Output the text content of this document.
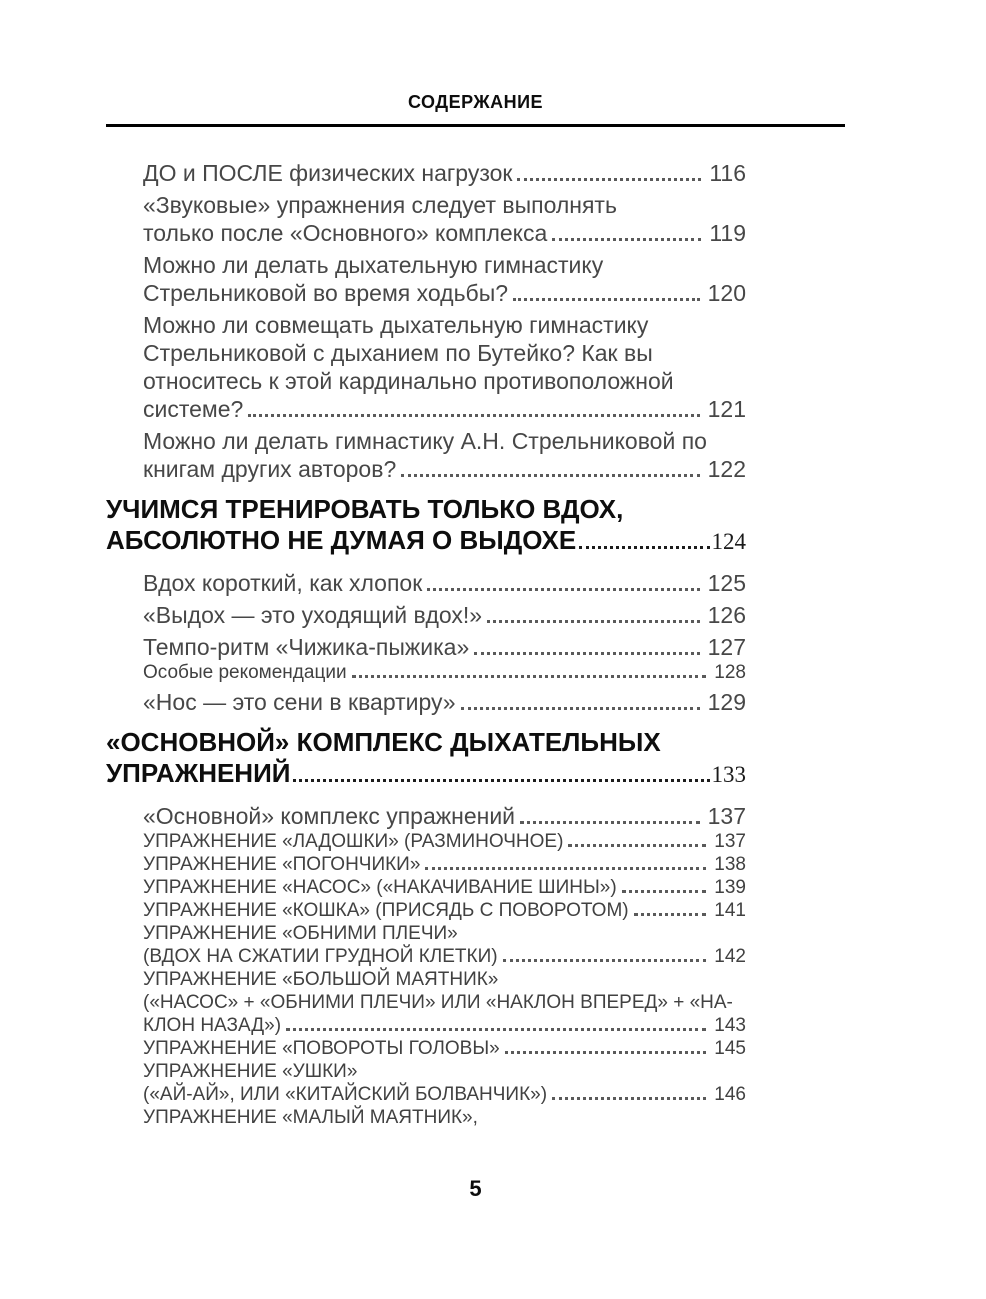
СОДЕРЖАНИЕ
ДО и ПОСЛЕ физических нагрузок	116
«Звуковые» упражнения следует выполнять
только после «Основного» комплекса	119
Можно ли делать дыхательную гимнастику
Стрельниковой во время ходьбы?	120
Можно ли совмещать дыхательную гимнастику
Стрельниковой с дыханием по Бутейко? Как вы
относитесь к этой кардинально противоположной
системе?	121
Можно ли делать гимнастику А.Н. Стрельниковой по
книгам других авторов?	122
УЧИМСЯ ТРЕНИРОВАТЬ ТОЛЬКО ВДОХ,
АБСОЛЮТНО НЕ ДУМАЯ О ВЫДОХЕ	124
Вдох короткий, как хлопок	125
«Выдох — это уходящий вдох!»	126
Темпо-ритм «Чижика-пыжика»	127
Особые рекомендации	128
«Нос — это сени в квартиру»	129
«ОСНОВНОЙ» КОМПЛЕКС ДЫХАТЕЛЬНЫХ
УПРАЖНЕНИЙ	133
«Основной» комплекс упражнений	137
УПРАЖНЕНИЕ «ЛАДОШКИ» (РАЗМИНОЧНОЕ)	137
УПРАЖНЕНИЕ «ПОГОНЧИКИ»	138
УПРАЖНЕНИЕ «НАСОС» («НАКАЧИВАНИЕ ШИНЫ»)	139
УПРАЖНЕНИЕ «КОШКА» (ПРИСЯДЬ С ПОВОРОТОМ)	141
УПРАЖНЕНИЕ «ОБНИМИ ПЛЕЧИ»
(ВДОХ НА СЖАТИИ ГРУДНОЙ КЛЕТКИ)	142
УПРАЖНЕНИЕ «БОЛЬШОЙ МАЯТНИК»
(«НАСОС» + «ОБНИМИ ПЛЕЧИ» ИЛИ «НАКЛОН ВПЕРЕД» + «НА-
КЛОН НАЗАД»)	143
УПРАЖНЕНИЕ «ПОВОРОТЫ ГОЛОВЫ»	145
УПРАЖНЕНИЕ «УШКИ»
(«АЙ-АЙ», ИЛИ «КИТАЙСКИЙ БОЛВАНЧИК»)	146
УПРАЖНЕНИЕ «МАЛЫЙ МАЯТНИК»,
5
